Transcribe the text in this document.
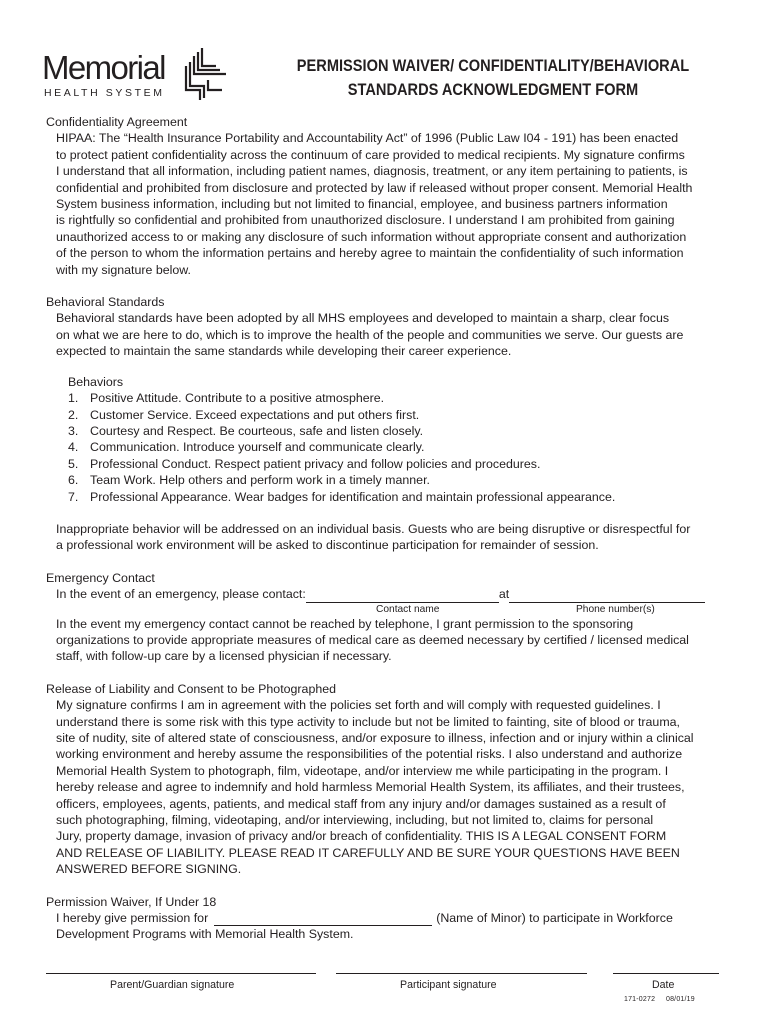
Memorial
HEALTH SYSTEM
PERMISSION WAIVER/ CONFIDENTIALITY/BEHAVIORAL
STANDARDS ACKNOWLEDGMENT FORM
Confidentiality Agreement
HIPAA: The “Health Insurance Portability and Accountability Act” of 1996 (Public Law I04 - 191) has been enacted
to protect patient confidentiality across the continuum of care provided to medical recipients. My signature confirms
I understand that all information, including patient names, diagnosis, treatment, or any item pertaining to patients, is
confidential and prohibited from disclosure and protected by law if released without proper consent. Memorial Health
System business information, including but not limited to financial, employee, and business partners information
is rightfully so confidential and prohibited from unauthorized disclosure. I understand I am prohibited from gaining
unauthorized access to or making any disclosure of such information without appropriate consent and authorization
of the person to whom the information pertains and hereby agree to maintain the confidentiality of such information
with my signature below.
Behavioral Standards
Behavioral standards have been adopted by all MHS employees and developed to maintain a sharp, clear focus
on what we are here to do, which is to improve the health of the people and communities we serve. Our guests are
expected to maintain the same standards while developing their career experience.
Behaviors
1. Positive Attitude. Contribute to a positive atmosphere.
2. Customer Service. Exceed expectations and put others first.
3. Courtesy and Respect. Be courteous, safe and listen closely.
4. Communication. Introduce yourself and communicate clearly.
5. Professional Conduct. Respect patient privacy and follow policies and procedures.
6. Team Work. Help others and perform work in a timely manner.
7. Professional Appearance. Wear badges for identification and maintain professional appearance.
Inappropriate behavior will be addressed on an individual basis. Guests who are being disruptive or disrespectful for
a professional work environment will be asked to discontinue participation for remainder of session.
Emergency Contact
In the event of an emergency, please contact:	at
Contact name	Phone number(s)
In the event my emergency contact cannot be reached by telephone, I grant permission to the sponsoring
organizations to provide appropriate measures of medical care as deemed necessary by certified / licensed medical
staff, with follow-up care by a licensed physician if necessary.
Release of Liability and Consent to be Photographed
My signature confirms I am in agreement with the policies set forth and will comply with requested guidelines. I
understand there is some risk with this type activity to include but not be limited to fainting, site of blood or trauma,
site of nudity, site of altered state of consciousness, and/or exposure to illness, infection and or injury within a clinical
working environment and hereby assume the responsibilities of the potential risks. I also understand and authorize
Memorial Health System to photograph, film, videotape, and/or interview me while participating in the program. I
hereby release and agree to indemnify and hold harmless Memorial Health System, its affiliates, and their trustees,
officers, employees, agents, patients, and medical staff from any injury and/or damages sustained as a result of
such photographing, filming, videotaping, and/or interviewing, including, but not limited to, claims for personal
Jury, property damage, invasion of privacy and/or breach of confidentiality. THIS IS A LEGAL CONSENT FORM
AND RELEASE OF LIABILITY. PLEASE READ IT CAREFULLY AND BE SURE YOUR QUESTIONS HAVE BEEN
ANSWERED BEFORE SIGNING.
Permission Waiver, If Under 18
I hereby give permission for	(Name of Minor) to participate in Workforce
Development Programs with Memorial Health System.
Parent/Guardian signature	Participant signature	Date
171-0272 08/01/19
